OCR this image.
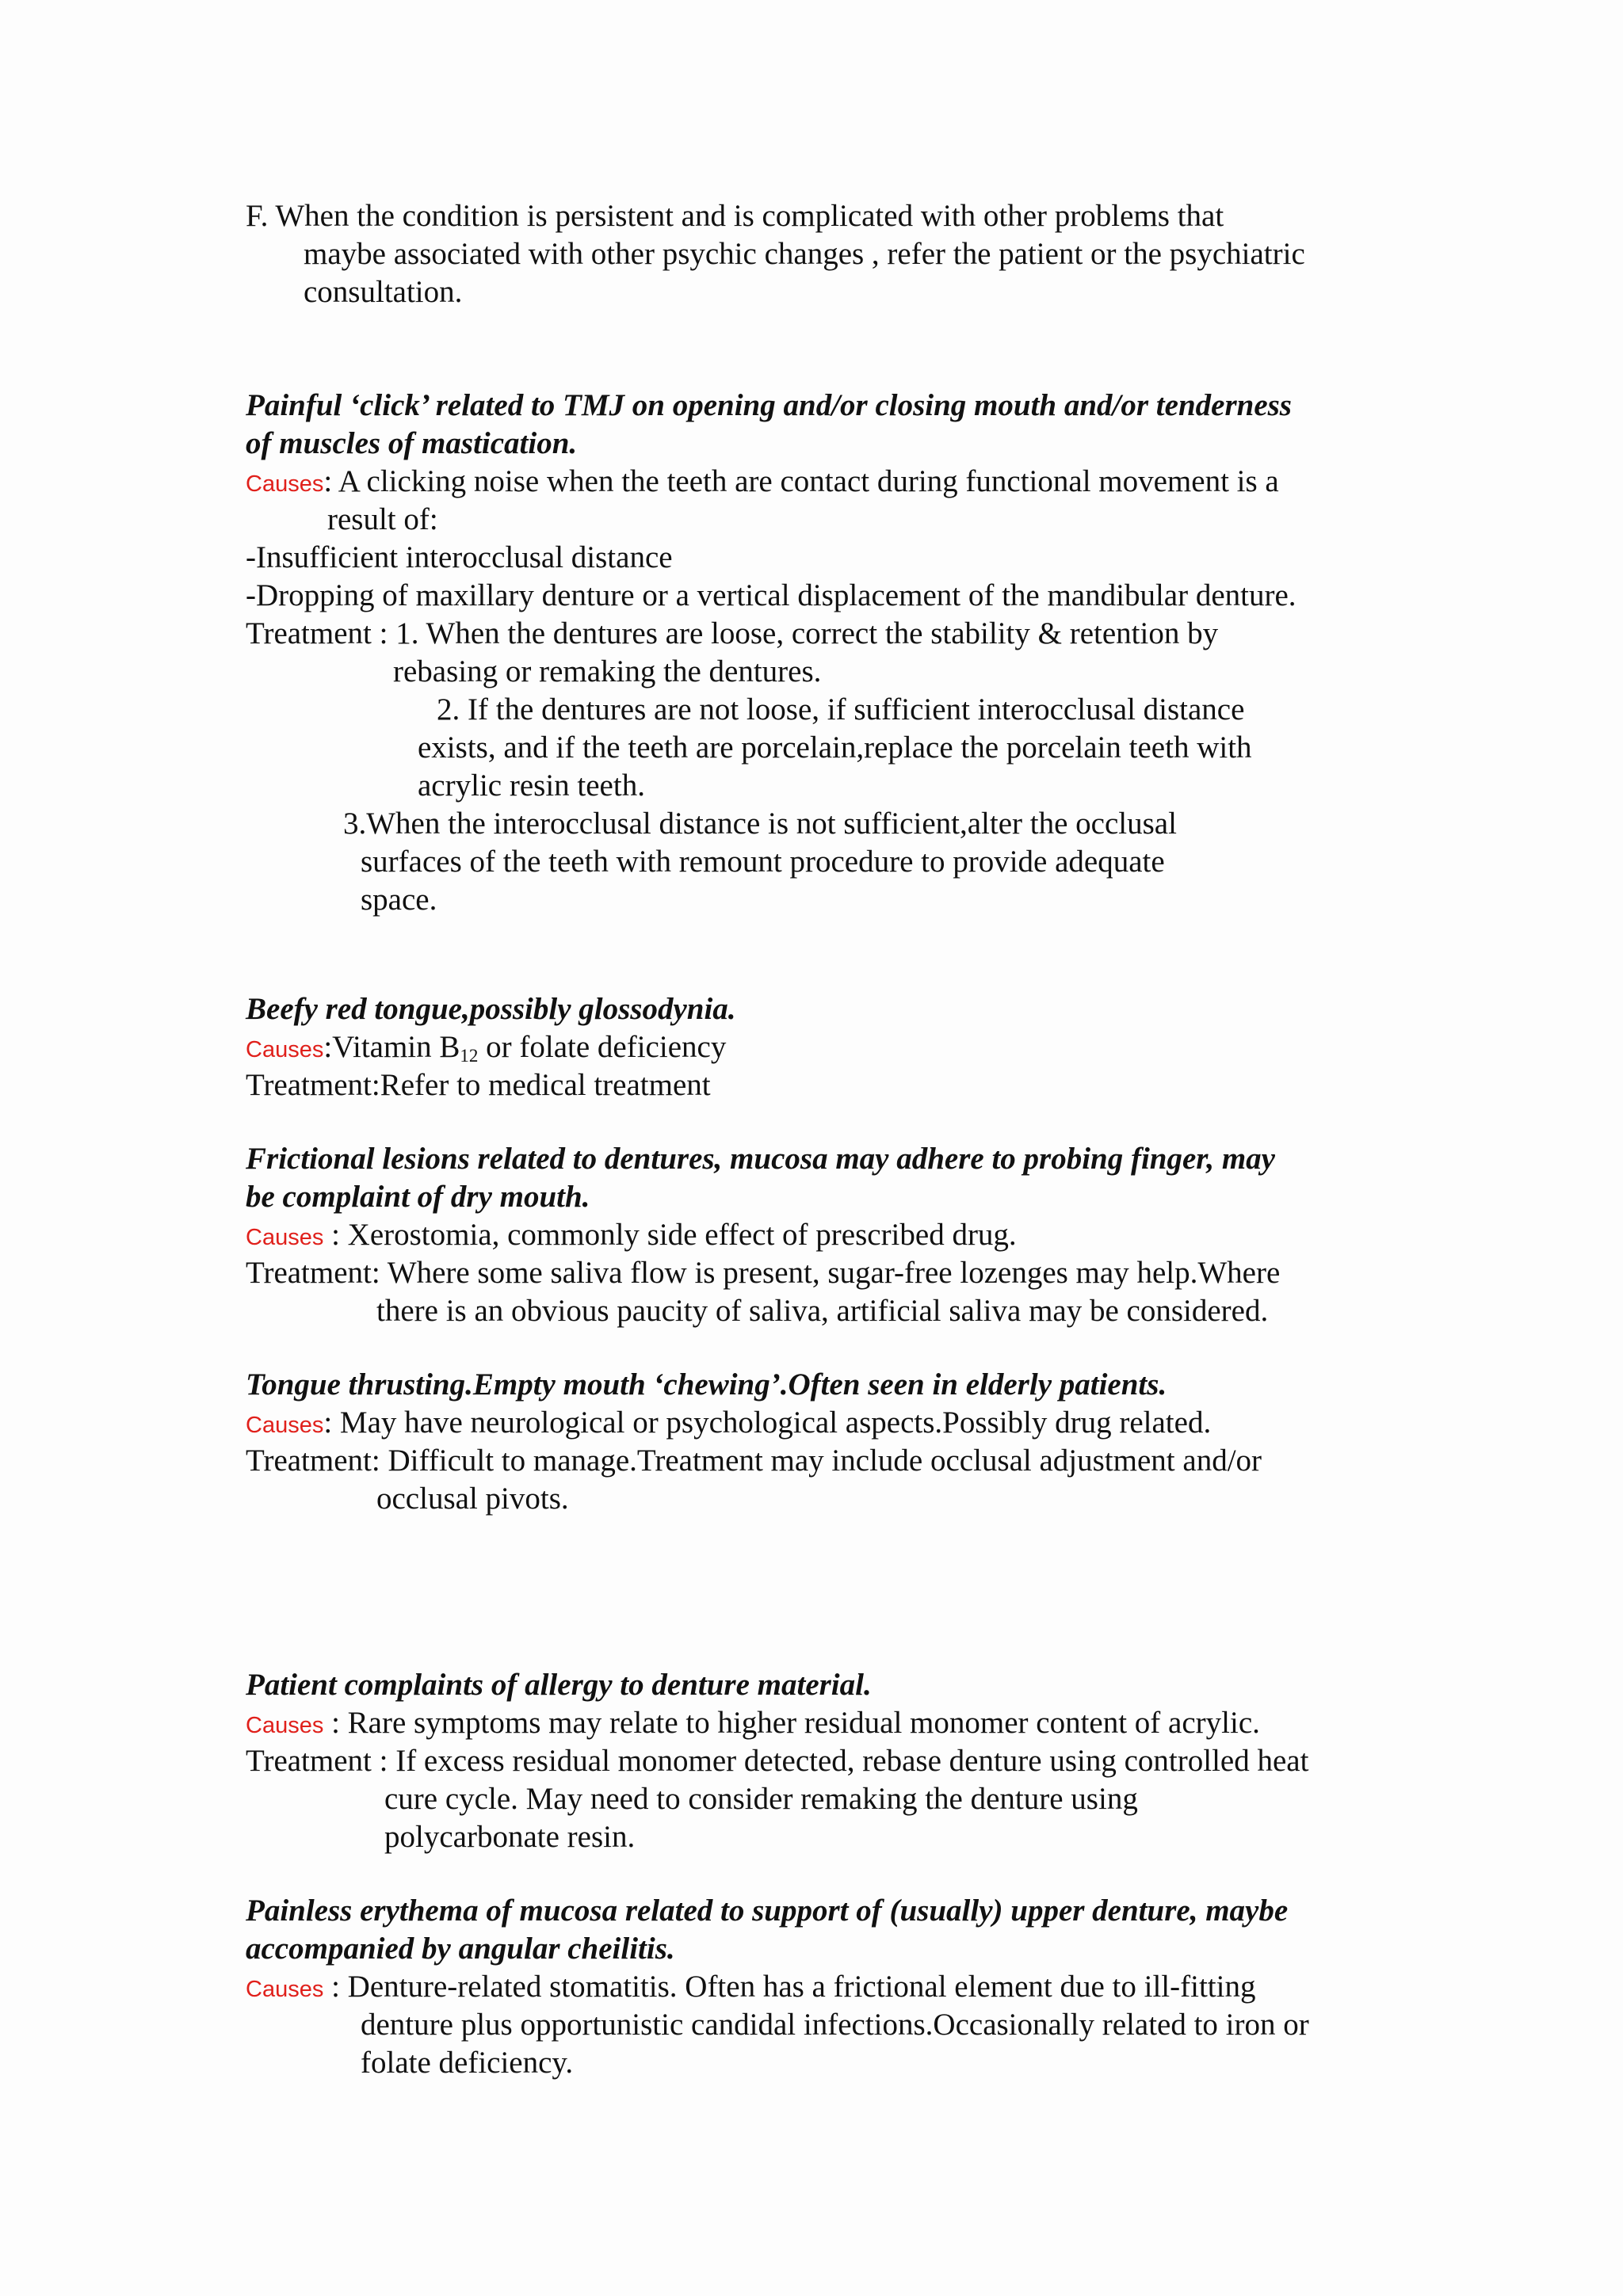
F. When the condition is persistent and is complicated with other problems that

maybe associated with other psychic changes , refer the patient or the psychiatric

consultation.

Painful ‘click’ related to TMJ on opening and/or closing mouth and/or tenderness

of muscles of mastication.

Causes: A clicking noise when the teeth are contact during functional movement is a

result of:

-Insufficient interocclusal distance

-Dropping of maxillary denture or a vertical displacement of the mandibular denture.

Treatment : 1. When the dentures are loose, correct the stability & retention by

rebasing or remaking the dentures.

2. If the dentures are not loose, if sufficient interocclusal distance

exists, and if the teeth are porcelain,replace the porcelain teeth with

acrylic resin teeth.

3.When the interocclusal distance is not sufficient,alter the occlusal

surfaces of the teeth with remount procedure to provide adequate

space.

Beefy red tongue,possibly glossodynia.

Causes:Vitamin $B_{12}$ or folate deficiency

Treatment:Refer to medical treatment

Frictional lesions related to dentures, mucosa may adhere to probing finger, may

be complaint of dry mouth.

Causes : Xerostomia, commonly side effect of prescribed drug.

Treatment: Where some saliva flow is present, sugar-free lozenges may help.Where

there is an obvious paucity of saliva, artificial saliva may be considered.

Tongue thrusting.Empty mouth ‘chewing’.Often seen in elderly patients.

Causes: May have neurological or psychological aspects.Possibly drug related.

Treatment: Difficult to manage.Treatment may include occlusal adjustment and/or

occlusal pivots.

Patient complaints of allergy to denture material.

Causes : Rare symptoms may relate to higher residual monomer content of acrylic.

Treatment : If excess residual monomer detected, rebase denture using controlled heat

cure cycle. May need to consider remaking the denture using

polycarbonate resin.

Painless erythema of mucosa related to support of (usually) upper denture, maybe

accompanied by angular cheilitis.

Causes : Denture-related stomatitis. Often has a frictional element due to ill-fitting

denture plus opportunistic candidal infections.Occasionally related to iron or

folate deficiency.
